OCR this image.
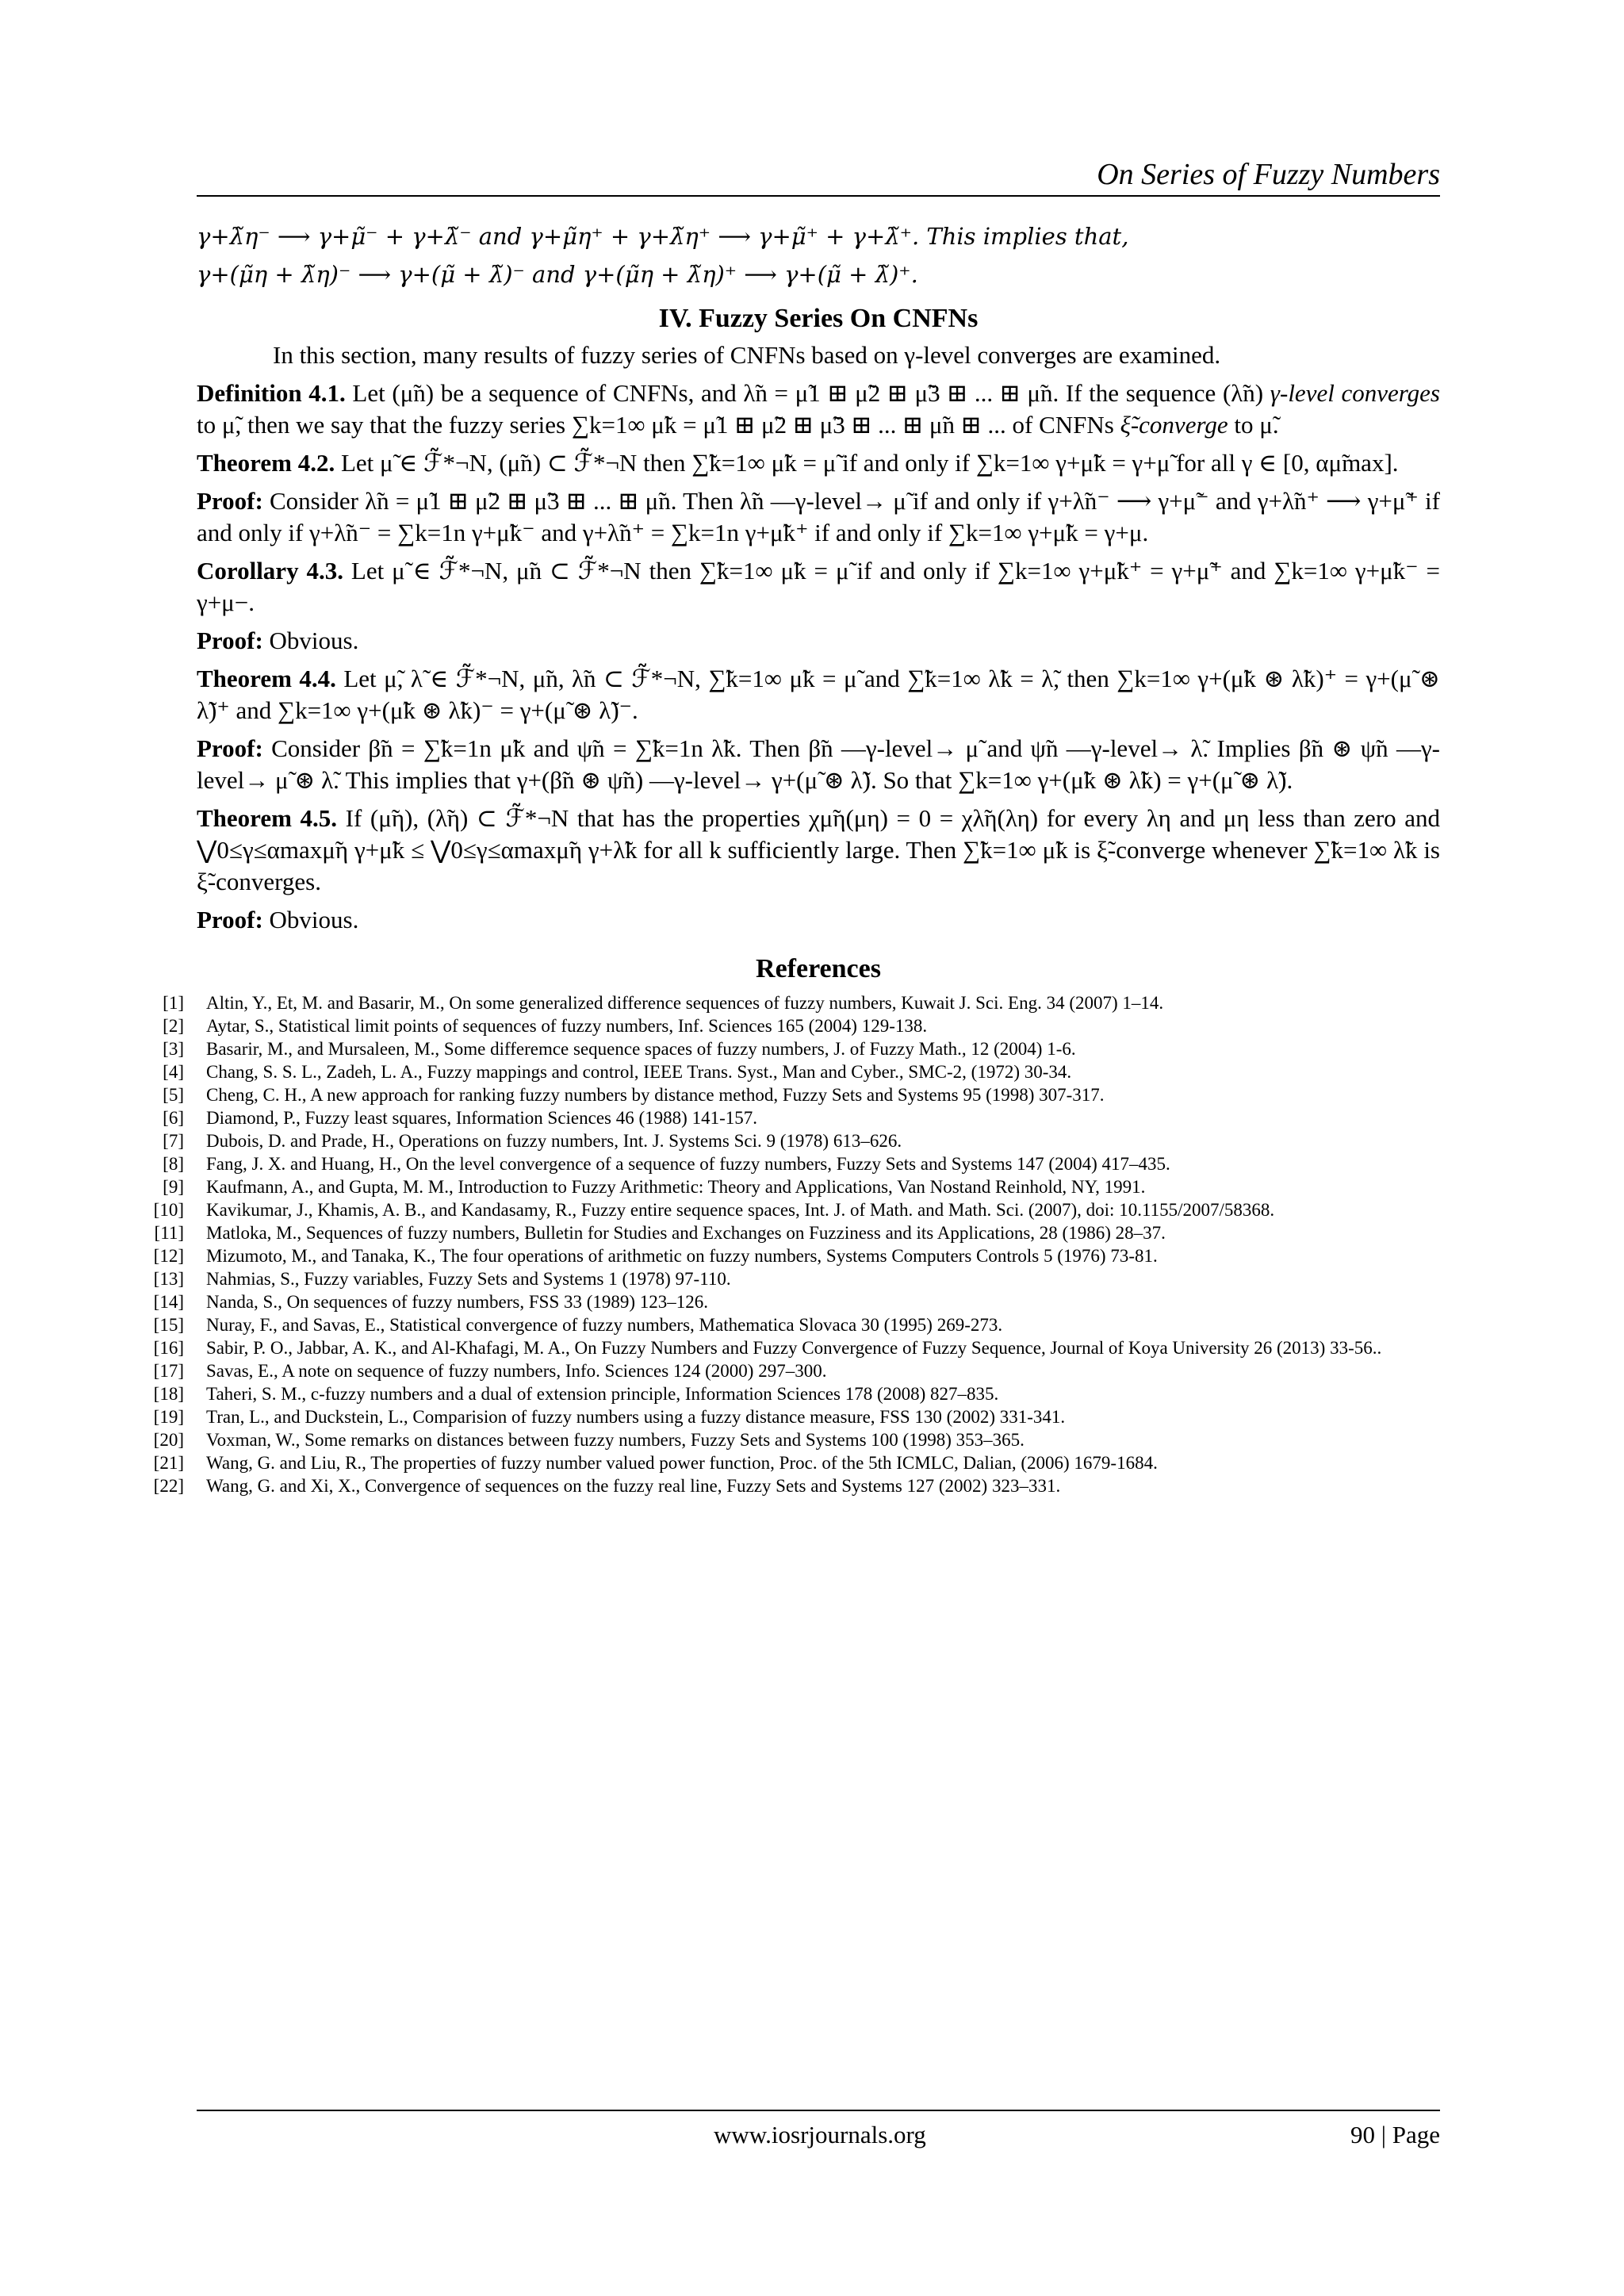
On Series of Fuzzy Numbers

γ+λ̃η⁻ ⟶ γ+μ̃⁻ + γ+λ̃⁻ and γ+μ̃η⁺ + γ+λ̃η⁺ ⟶ γ+μ̃⁺ + γ+λ̃⁺. This implies that,

γ+(μ̃η + λ̃η)⁻ ⟶ γ+(μ̃ + λ̃)⁻ and γ+(μ̃η + λ̃η)⁺ ⟶ γ+(μ̃ + λ̃)⁺.

IV. Fuzzy Series On CNFNs

In this section, many results of fuzzy series of CNFNs based on γ-level converges are examined.

Definition 4.1. Let (μ̃n) be a sequence of CNFNs, and λ̃n = μ̃1 ⊞ μ̃2 ⊞ μ̃3 ⊞ ... ⊞ μ̃n. If the sequence (λ̃n) γ-level converges to μ̃, then we say that the fuzzy series ∑k=1∞ μ̃k = μ̃1 ⊞ μ̃2 ⊞ μ̃3 ⊞ ... ⊞ μ̃n ⊞ ... of CNFNs ξ̃-converge to μ̃.

Theorem 4.2. Let μ̃ ∈ ℱ̃*¬N, (μ̃n) ⊂ ℱ̃*¬N then ∑̃k=1∞ μ̃k = μ̃ if and only if ∑k=1∞ γ+μ̃k = γ+μ̃ for all γ ∈ [0, αμ̃max].

Proof: Consider λ̃n = μ̃1 ⊞ μ̃2 ⊞ μ̃3 ⊞ ... ⊞ μ̃n. Then λ̃n —γ-level→ μ̃ if and only if γ+λ̃n⁻ ⟶ γ+μ̃⁻ and γ+λ̃n⁺ ⟶ γ+μ̃⁺ if and only if γ+λ̃n⁻ = ∑k=1n γ+μ̃k⁻ and γ+λ̃n⁺ = ∑k=1n γ+μ̃k⁺ if and only if ∑k=1∞ γ+μ̃k = γ+μ.

Corollary 4.3. Let μ̃ ∈ ℱ̃*¬N, μ̃n ⊂ ℱ̃*¬N then ∑̃k=1∞ μ̃k = μ̃ if and only if ∑k=1∞ γ+μ̃k⁺ = γ+μ̃⁺ and ∑k=1∞ γ+μ̃k⁻ = γ+μ−.

Proof: Obvious.

Theorem 4.4. Let μ̃, λ̃ ∈ ℱ̃*¬N, μ̃n, λ̃n ⊂ ℱ̃*¬N, ∑̃k=1∞ μ̃k = μ̃ and ∑̃k=1∞ λ̃k = λ̃, then ∑k=1∞ γ+(μ̃k ⊛ λ̃k)⁺ = γ+(μ̃ ⊛ λ̃)⁺ and ∑k=1∞ γ+(μ̃k ⊛ λ̃k)⁻ = γ+(μ̃ ⊛ λ̃)⁻.

Proof: Consider β̃n = ∑̃k=1n μ̃k and ψ̃n = ∑̃k=1n λ̃k. Then β̃n —γ-level→ μ̃ and ψ̃n —γ-level→ λ̃. Implies β̃n ⊛ ψ̃n —γ-level→ μ̃ ⊛ λ̃. This implies that γ+(β̃n ⊛ ψ̃n) —γ-level→ γ+(μ̃ ⊛ λ̃). So that ∑k=1∞ γ+(μ̃k ⊛ λ̃k) = γ+(μ̃ ⊛ λ̃).

Theorem 4.5. If (μ̃η), (λ̃η) ⊂ ℱ̃*¬N that has the properties χμ̃η(μη) = 0 = χλ̃η(λη) for every λη and μη less than zero and ⋁0≤γ≤αmaxμ̃η γ+μ̃k ≤ ⋁0≤γ≤αmaxμ̃η γ+λ̃k for all k sufficiently large. Then ∑̃k=1∞ μ̃k is ξ̃-converge whenever ∑̃k=1∞ λ̃k is ξ̃-converges.

Proof: Obvious.

References
[1]	Altin, Y., Et, M. and Basarir, M., On some generalized difference sequences of fuzzy numbers, Kuwait J. Sci. Eng. 34 (2007) 1–14.
[2]	Aytar, S., Statistical limit points of sequences of fuzzy numbers, Inf. Sciences 165 (2004) 129-138.
[3]	Basarir, M., and Mursaleen, M., Some differemce sequence spaces of fuzzy numbers, J. of Fuzzy Math., 12 (2004) 1-6.
[4]	Chang, S. S. L., Zadeh, L. A., Fuzzy mappings and control, IEEE Trans. Syst., Man and Cyber., SMC-2, (1972) 30-34.
[5]	Cheng, C. H., A new approach for ranking fuzzy numbers by distance method, Fuzzy Sets and Systems 95 (1998) 307-317.
[6]	Diamond, P., Fuzzy least squares, Information Sciences 46 (1988) 141-157.
[7]	Dubois, D. and Prade, H., Operations on fuzzy numbers, Int. J. Systems Sci. 9 (1978) 613–626.
[8]	Fang, J. X. and Huang, H., On the level convergence of a sequence of fuzzy numbers, Fuzzy Sets and Systems 147 (2004) 417–435.
[9]	Kaufmann, A., and Gupta, M. M., Introduction to Fuzzy Arithmetic: Theory and Applications, Van Nostand Reinhold, NY, 1991.
[10]	Kavikumar, J., Khamis, A. B., and Kandasamy, R., Fuzzy entire sequence spaces, Int. J. of Math. and Math. Sci. (2007), doi: 10.1155/2007/58368.
[11]	Matloka, M., Sequences of fuzzy numbers, Bulletin for Studies and Exchanges on Fuzziness and its Applications, 28 (1986) 28–37.
[12]	Mizumoto, M., and Tanaka, K., The four operations of arithmetic on fuzzy numbers, Systems Computers Controls 5 (1976) 73-81.
[13]	Nahmias, S., Fuzzy variables, Fuzzy Sets and Systems 1 (1978) 97-110.
[14]	Nanda, S., On sequences of fuzzy numbers, FSS 33 (1989) 123–126.
[15]	Nuray, F., and Savas, E., Statistical convergence of fuzzy numbers, Mathematica Slovaca 30 (1995) 269-273.
[16]	Sabir, P. O., Jabbar, A. K., and Al-Khafagi, M. A., On Fuzzy Numbers and Fuzzy Convergence of Fuzzy Sequence, Journal of Koya University 26 (2013) 33-56..
[17]	Savas, E., A note on sequence of fuzzy numbers, Info. Sciences 124 (2000) 297–300.
[18]	Taheri, S. M., c-fuzzy numbers and a dual of extension principle, Information Sciences 178 (2008) 827–835.
[19]	Tran, L., and Duckstein, L., Comparision of fuzzy numbers using a fuzzy distance measure, FSS 130 (2002) 331-341.
[20]	Voxman, W., Some remarks on distances between fuzzy numbers, Fuzzy Sets and Systems 100 (1998) 353–365.
[21]	Wang, G. and Liu, R., The properties of fuzzy number valued power function, Proc. of the 5th ICMLC, Dalian, (2006) 1679-1684.
[22]	Wang, G. and Xi, X., Convergence of sequences on the fuzzy real line, Fuzzy Sets and Systems 127 (2002) 323–331.
www.iosrjournals.org	90 | Page
